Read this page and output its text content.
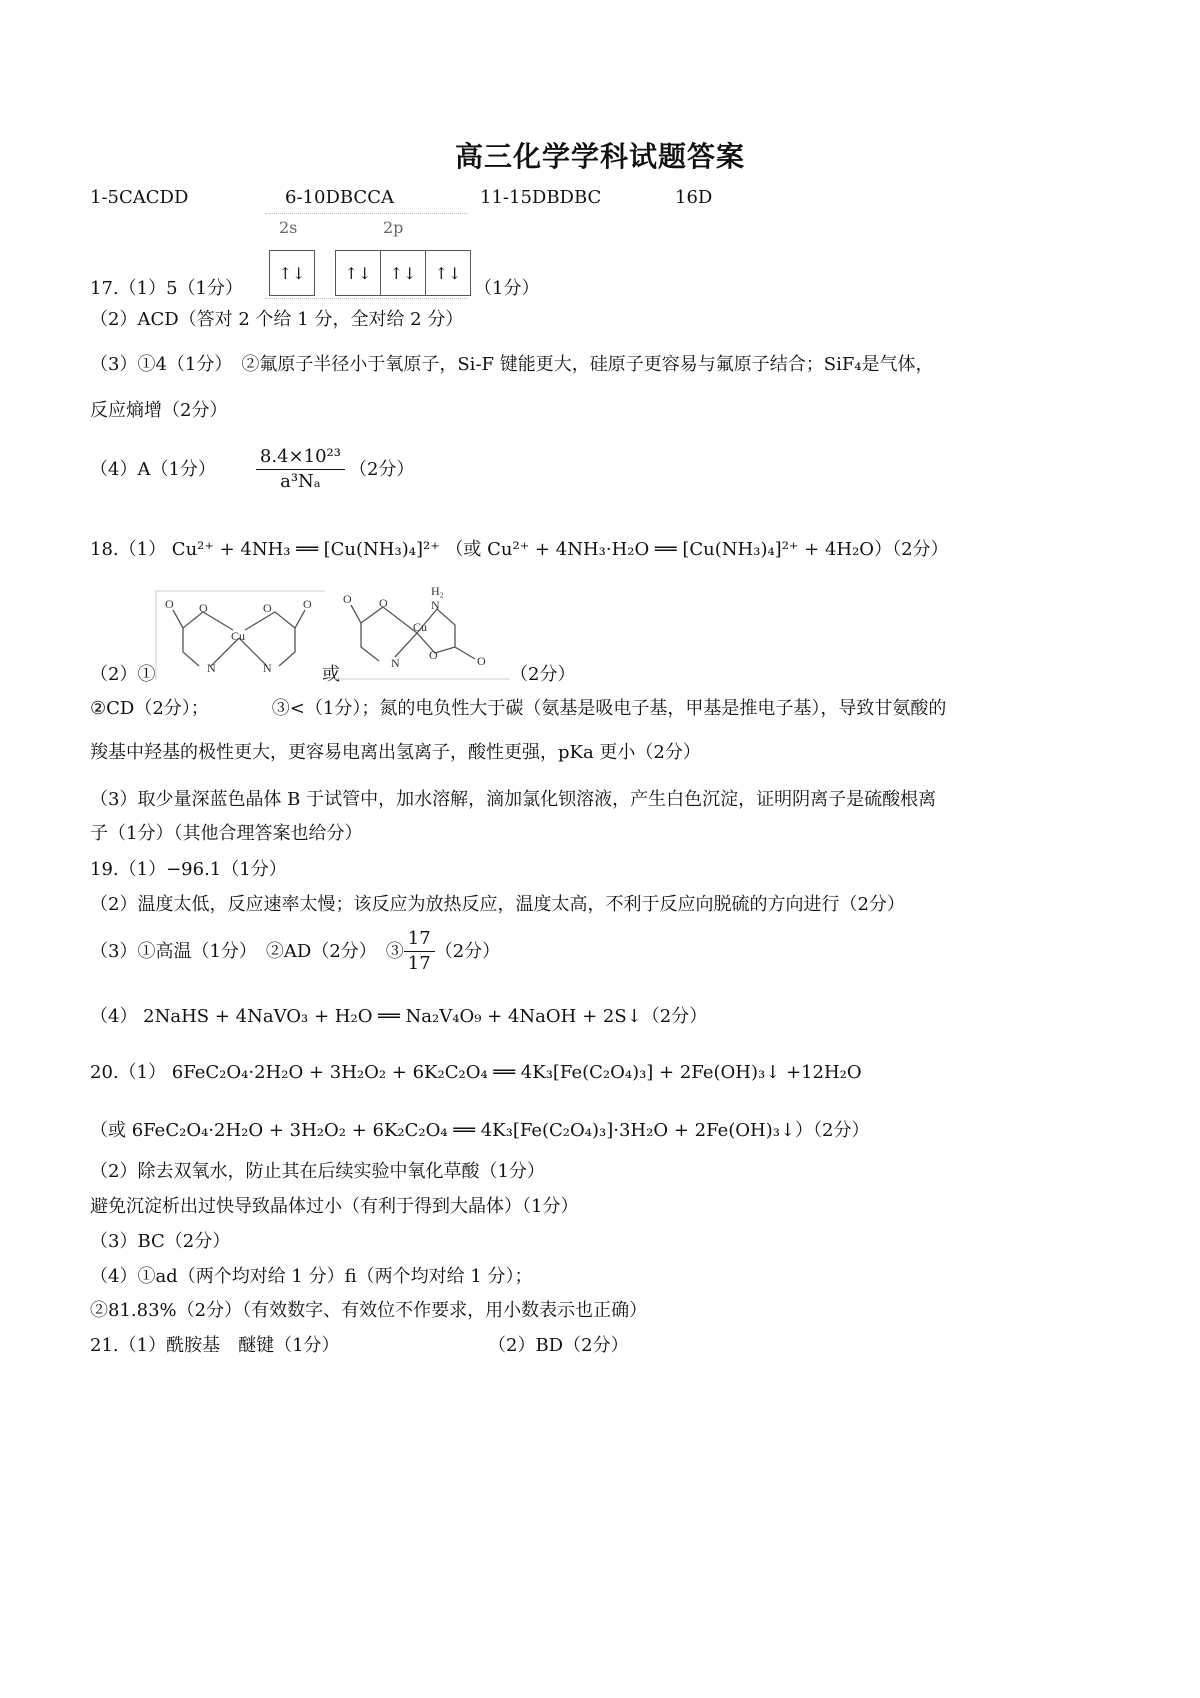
高三化学学科试题答案
1-5CACDD	6-10DBCCA	11-15DBDBC	16D
17.（1）5（1分）
2s	2p
↑↓	↑↓	↑↓	↑↓
（1分）
（2）ACD（答对 2 个给 1 分，全对给 2 分）
（3）①4（1分）　②氟原子半径小于氧原子，Si-F 键能更大，硅原子更容易与氟原子结合；SiF₄是气体，
反应熵增（2分）
（4）A（1分） $\frac{\text{8.4×10²³}}{\text{a³Nₐ}} (2$分）
18.（1） Cu²⁺ + 4NH₃ ══ [Cu(NH₃)₄]²⁺ （或 Cu²⁺ + 4NH₃·H₂O ══ [Cu(NH₃)₄]²⁺ + 4H₂O）（2分）
（2）①
O O	O	O
Cu
N	N	或
O O
Cu
N
H₂
O	O
N
（2分）
②CD（2分）；　　　　③<（1分）；氮的电负性大于碳（氨基是吸电子基，甲基是推电子基），导致甘氨酸的
羧基中羟基的极性更大，更容易电离出氢离子，酸性更强，pKa 更小（2分）
（3）取少量深蓝色晶体 B 于试管中，加水溶解，滴加氯化钡溶液，产生白色沉淀，证明阴离子是硫酸根离
子（1分）（其他合理答案也给分）
19.（1）−96.1（1分）
（2）温度太低，反应速率太慢；该反应为放热反应，温度太高，不利于反应向脱硫的方向进行（2分）
（3）①高温（1分）　②AD（2分）　③ $\frac{17}{17} (2$分）
（4） 2NaHS + 4NaVO₃ + H₂O ══ Na₂V₄O₉ + 4NaOH + 2S↓（2分）
20.（1） 6FeC₂O₄·2H₂O + 3H₂O₂ + 6K₂C₂O₄ ══ 4K₃[Fe(C₂O₄)₃] + 2Fe(OH)₃↓ +12H₂O
（或 6FeC₂O₄·2H₂O + 3H₂O₂ + 6K₂C₂O₄ ══ 4K₃[Fe(C₂O₄)₃]·3H₂O + 2Fe(OH)₃↓）（2分）
（2）除去双氧水，防止其在后续实验中氧化草酸（1分）
避免沉淀析出过快导致晶体过小（有利于得到大晶体）（1分）
（3）BC（2分）
（4）①ad（两个均对给 1 分）fi（两个均对给 1 分）；
②81.83%（2分）（有效数字、有效位不作要求，用小数表示也正确）
21.（1）酰胺基　醚键（1分）	（2）BD（2分）
